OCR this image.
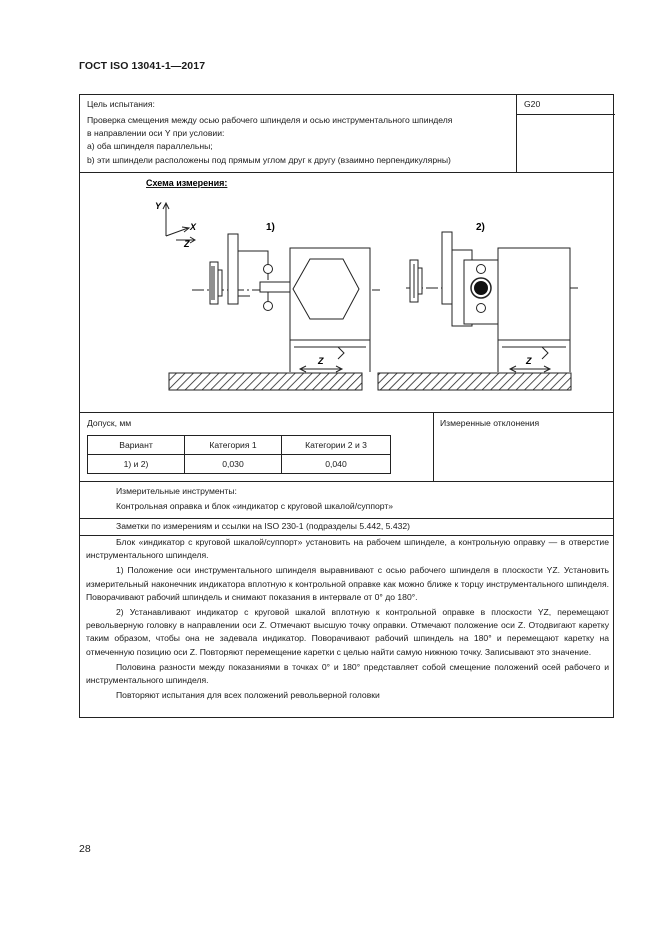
ГОСТ ISO 13041-1—2017
Цель испытания:	G20
Проверка смещения между осью рабочего шпинделя и осью инструментального шпинделя
в направлении оси Y при условии:
а) оба шпинделя параллельны;
b) эти шпиндели расположены под прямым углом друг к другу (взаимно перпендикулярны)
Допуск, мм	Измеренные отклонения
Вариант	Категория 1	Категории 2 и 3
1) и 2)	0,030	0,040
Измерительные инструменты:
Контрольная оправка и блок «индикатор с круговой шкалой/суппорт»
Заметки по измерениям и ссылки на ISO 230-1 (подразделы 5.442, 5.432)

Блок «индикатор с круговой шкалой/суппорт» установить на рабочем шпинделе, а контрольную оправку — в отверстие инструментального шпинделя.

1) Положение оси инструментального шпинделя выравнивают с осью рабочего шпинделя в плоскости YZ. Установить измерительный наконечник индикатора вплотную к контрольной оправке как можно ближе к торцу инструментального шпинделя. Поворачивают рабочий шпиндель и снимают показания в интервале от 0° до 180°.

2) Устанавливают индикатор с круговой шкалой вплотную к контрольной оправке в плоскости YZ, перемещают револьверную головку в направлении оси Z. Отмечают высшую точку оправки. Отмечают положение оси Z. Отодвигают каретку таким образом, чтобы она не задевала индикатор. Поворачивают рабочий шпиндель на 180° и перемещают каретку на отмеченную позицию оси Z. Повторяют перемещение каретки с целью найти самую нижнюю точку. Записывают это значение.

Половина разности между показаниями в точках 0° и 180° представляет собой смещение положений осей рабочего и инструментального шпинделя.

Повторяют испытания для всех положений револьверной головки

Схема измерения:
Y
X
Z
1)	2)
Z	Z
28
